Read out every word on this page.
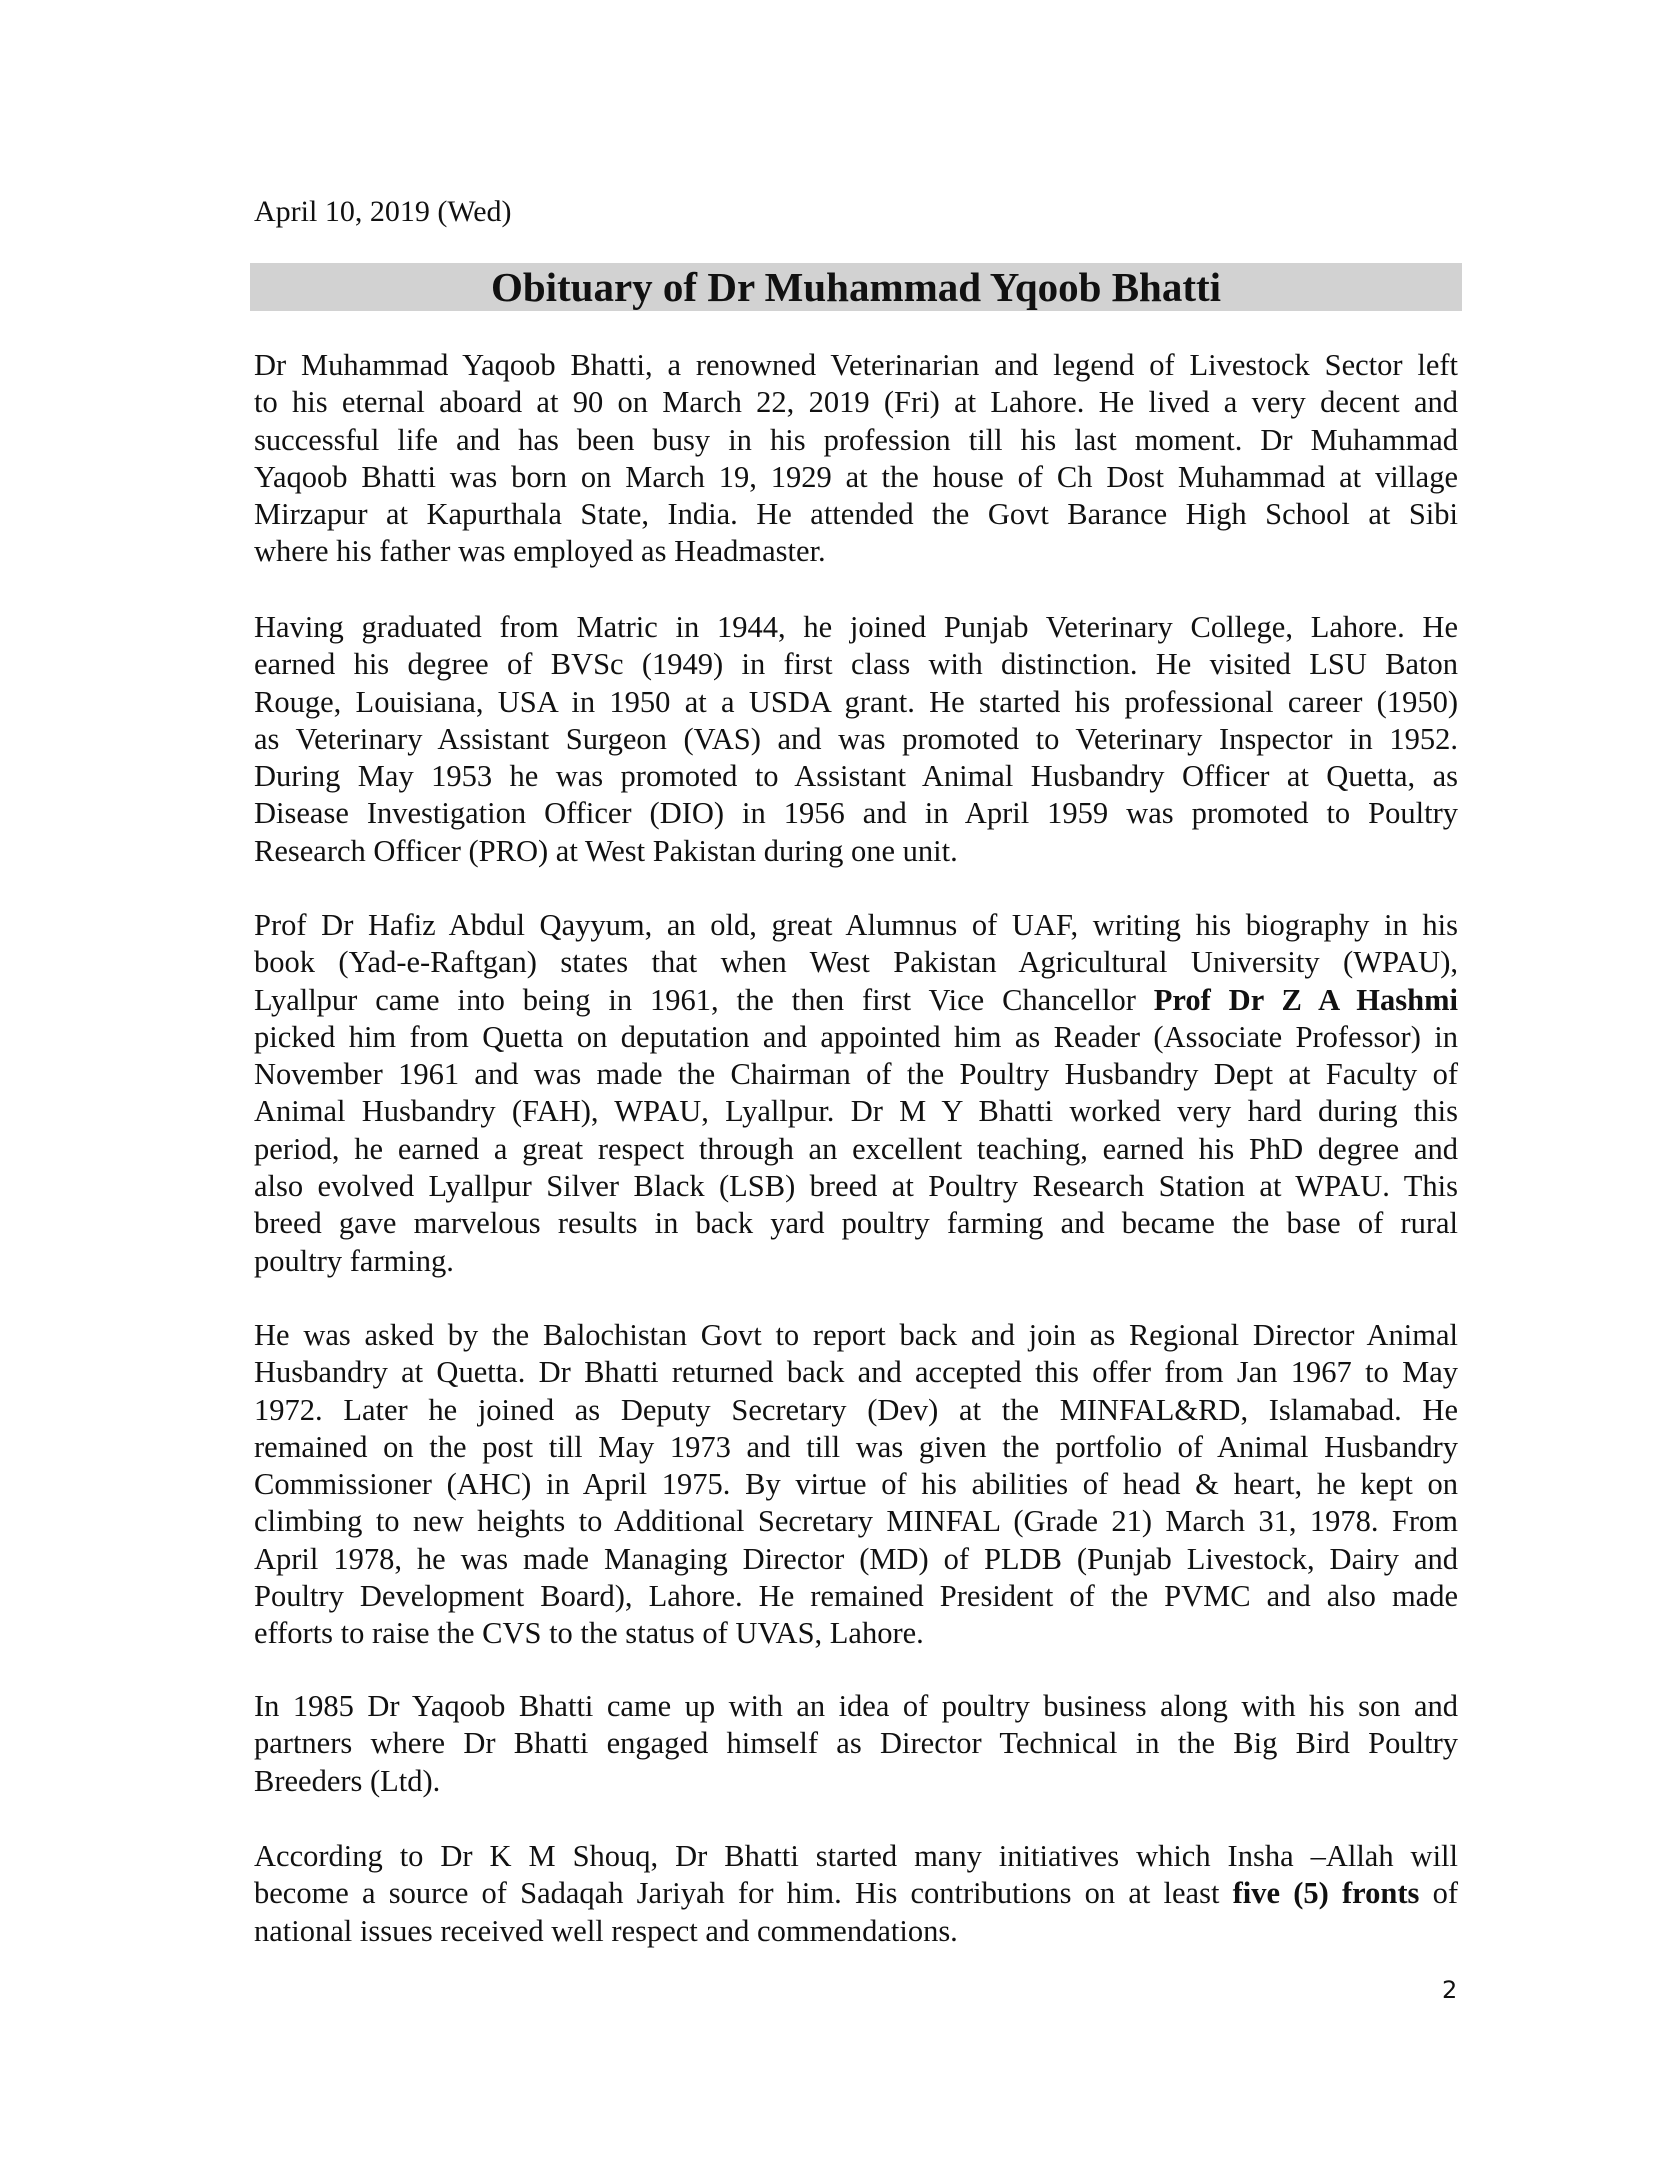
April 10, 2019 (Wed)
Obituary of Dr Muhammad Yqoob Bhatti
Dr Muhammad Yaqoob Bhatti, a renowned Veterinarian and legend of Livestock Sector left
to his eternal aboard at 90 on March 22, 2019 (Fri) at Lahore. He lived a very decent and
successful life and has been busy in his profession till his last moment. Dr Muhammad
Yaqoob Bhatti was born on March 19, 1929 at the house of Ch Dost Muhammad at village
Mirzapur at Kapurthala State, India. He attended the Govt Barance High School at Sibi
where his father was employed as Headmaster.
Having graduated from Matric in 1944, he joined Punjab Veterinary College, Lahore. He
earned his degree of BVSc (1949) in first class with distinction. He visited LSU Baton
Rouge, Louisiana, USA in 1950 at a USDA grant. He started his professional career (1950)
as Veterinary Assistant Surgeon (VAS) and was promoted to Veterinary Inspector in 1952.
During May 1953 he was promoted to Assistant Animal Husbandry Officer at Quetta, as
Disease Investigation Officer (DIO) in 1956 and in April 1959 was promoted to Poultry
Research Officer (PRO) at West Pakistan during one unit.
Prof Dr Hafiz Abdul Qayyum, an old, great Alumnus of UAF, writing his biography in his
book (Yad-e-Raftgan) states that when West Pakistan Agricultural University (WPAU),
Lyallpur came into being in 1961, the then first Vice Chancellor Prof Dr Z A Hashmi
picked him from Quetta on deputation and appointed him as Reader (Associate Professor) in
November 1961 and was made the Chairman of the Poultry Husbandry Dept at Faculty of
Animal Husbandry (FAH), WPAU, Lyallpur. Dr M Y Bhatti worked very hard during this
period, he earned a great respect through an excellent teaching, earned his PhD degree and
also evolved Lyallpur Silver Black (LSB) breed at Poultry Research Station at WPAU. This
breed gave marvelous results in back yard poultry farming and became the base of rural
poultry farming.
He was asked by the Balochistan Govt to report back and join as Regional Director Animal
Husbandry at Quetta. Dr Bhatti returned back and accepted this offer from Jan 1967 to May
1972. Later he joined as Deputy Secretary (Dev) at the MINFAL&RD, Islamabad. He
remained on the post till May 1973 and till was given the portfolio of Animal Husbandry
Commissioner (AHC) in April 1975. By virtue of his abilities of head & heart, he kept on
climbing to new heights to Additional Secretary MINFAL (Grade 21) March 31, 1978. From
April 1978, he was made Managing Director (MD) of PLDB (Punjab Livestock, Dairy and
Poultry Development Board), Lahore. He remained President of the PVMC and also made
efforts to raise the CVS to the status of UVAS, Lahore.
In 1985 Dr Yaqoob Bhatti came up with an idea of poultry business along with his son and
partners where Dr Bhatti engaged himself as Director Technical in the Big Bird Poultry
Breeders (Ltd).
According to Dr K M Shouq, Dr Bhatti started many initiatives which Insha –Allah will
become a source of Sadaqah Jariyah for him. His contributions on at least five (5) fronts of
national issues received well respect and commendations.
2
